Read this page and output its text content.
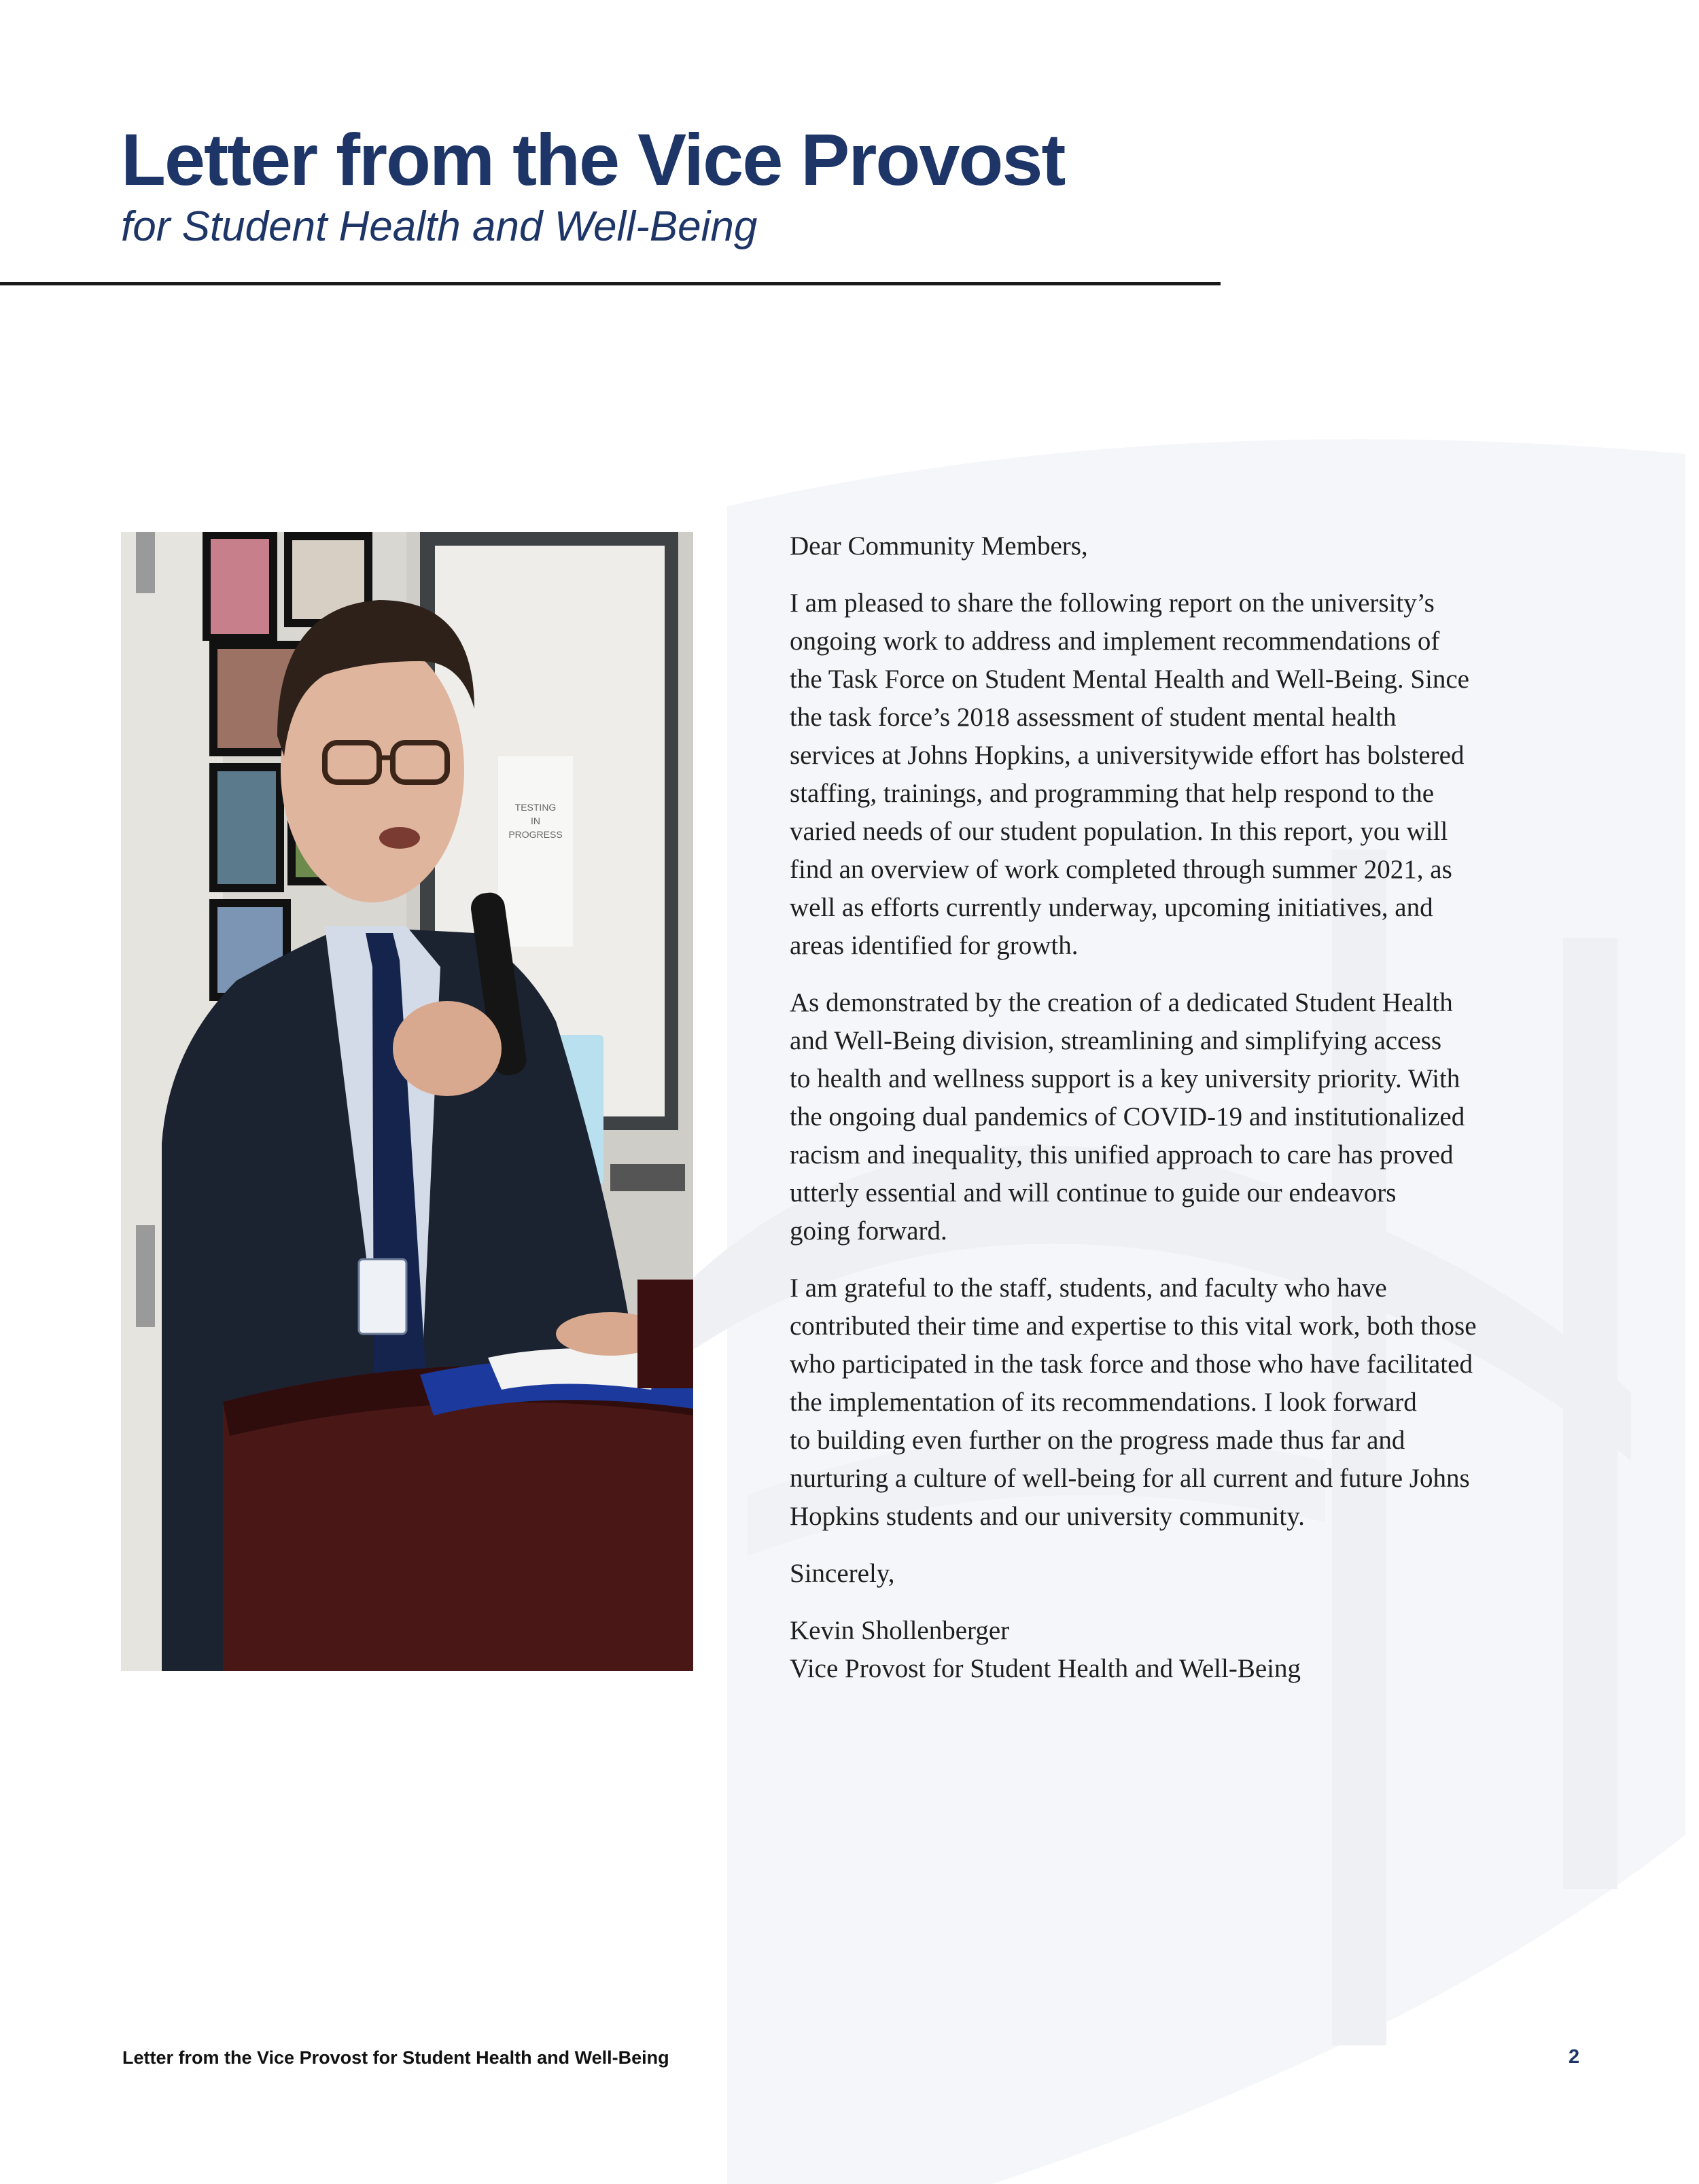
Letter from the Vice Provost
for Student Health and Well-Being
TESTING
IN
PROGRESS

Dear Community Members,

I am pleased to share the following report on the university’s
ongoing work to address and implement recommendations of
the Task Force on Student Mental Health and Well-Being. Since
the task force’s 2018 assessment of student mental health
services at Johns Hopkins, a universitywide effort has bolstered
staffing, trainings, and programming that help respond to the
varied needs of our student population. In this report, you will
find an overview of work completed through summer 2021, as
well as efforts currently underway, upcoming initiatives, and
areas identified for growth.

As demonstrated by the creation of a dedicated Student Health
and Well-Being division, streamlining and simplifying access
to health and wellness support is a key university priority. With
the ongoing dual pandemics of COVID-19 and institutionalized
racism and inequality, this unified approach to care has proved
utterly essential and will continue to guide our endeavors
going forward.

I am grateful to the staff, students, and faculty who have
contributed their time and expertise to this vital work, both those
who participated in the task force and those who have facilitated
the implementation of its recommendations. I look forward
to building even further on the progress made thus far and
nurturing a culture of well-being for all current and future Johns
Hopkins students and our university community.

Sincerely,

Kevin Shollenberger

Vice Provost for Student Health and Well-Being

Letter from the Vice Provost for Student Health and Well-Being	2
